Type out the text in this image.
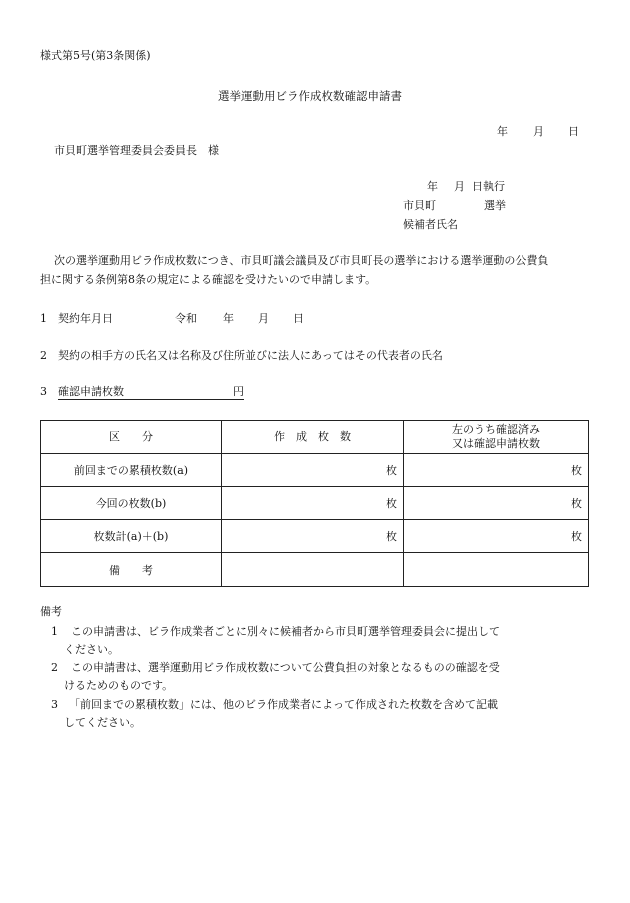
様式第5号(第3条関係)
選挙運動用ビラ作成枚数確認申請書
年 月 日
市貝町選挙管理委員会委員長　様
年 月 日執行
市貝町	選挙
候補者氏名
次の選挙運動用ビラ作成枚数につき、市貝町議会議員及び市貝町長の選挙における選挙運動の公費負
担に関する条例第8条の規定による確認を受けたいので申請します。
1 契約年月日	令和 年 月 日
2 契約の相手方の氏名又は名称及び住所並びに法人にあってはその代表者の氏名
3 確認申請枚数	円
区　　分	作　成　枚　数	左のうち確認済み
又は確認申請枚数

前回までの累積枚数(a)	枚	枚
今回の枚数(b)	枚	枚
枚数計(a)＋(b)	枚	枚
備　　考		
備考
1 この申請書は、ビラ作成業者ごとに別々に候補者から市貝町選挙管理委員会に提出して
ください。
2 この申請書は、選挙運動用ビラ作成枚数について公費負担の対象となるものの確認を受
けるためのものです。
3 「前回までの累積枚数」には、他のビラ作成業者によって作成された枚数を含めて記載
してください。
